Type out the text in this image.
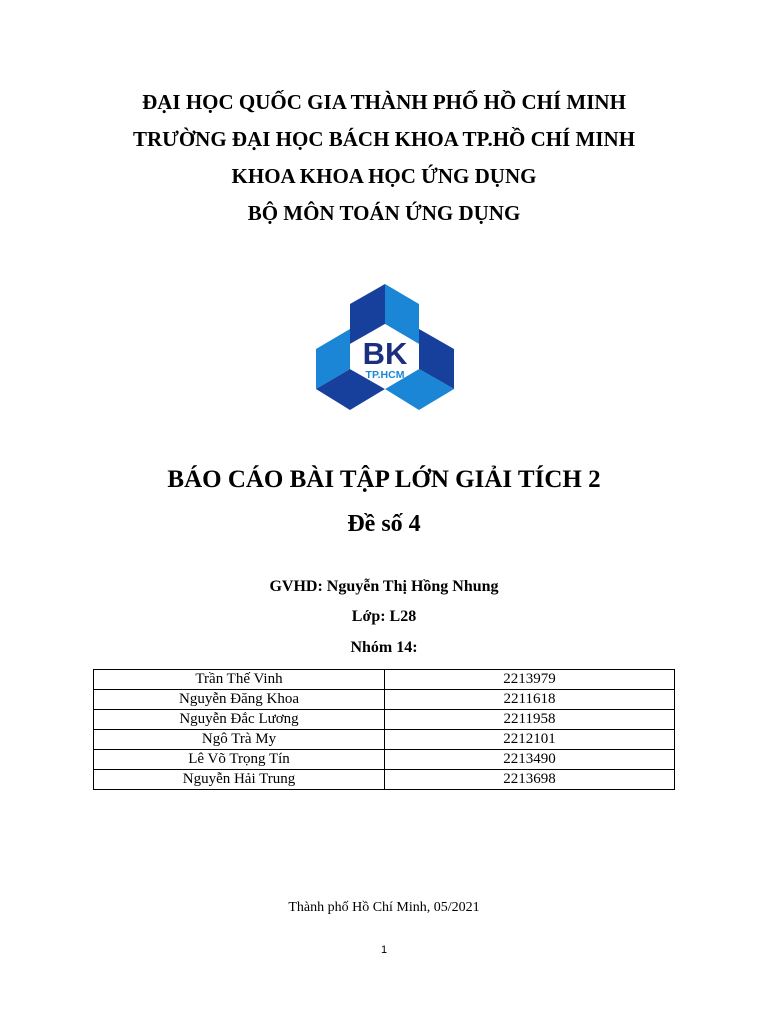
ĐẠI HỌC QUỐC GIA THÀNH PHỐ HỒ CHÍ MINH
TRƯỜNG ĐẠI HỌC BÁCH KHOA TP.HỒ CHÍ MINH
KHOA KHOA HỌC ỨNG DỤNG
BỘ MÔN TOÁN ỨNG DỤNG
BK
TP.HCM
BÁO CÁO BÀI TẬP LỚN GIẢI TÍCH 2
Đề số 4
GVHD: Nguyễn Thị Hồng Nhung
Lớp: L28
Nhóm 14:
Trần Thế Vinh	2213979
Nguyễn Đăng Khoa	2211618
Nguyễn Đắc Lương	2211958
Ngô Trà My	2212101
Lê Võ Trọng Tín	2213490
Nguyễn Hải Trung	2213698
Thành phố Hồ Chí Minh, 05/2021
1
